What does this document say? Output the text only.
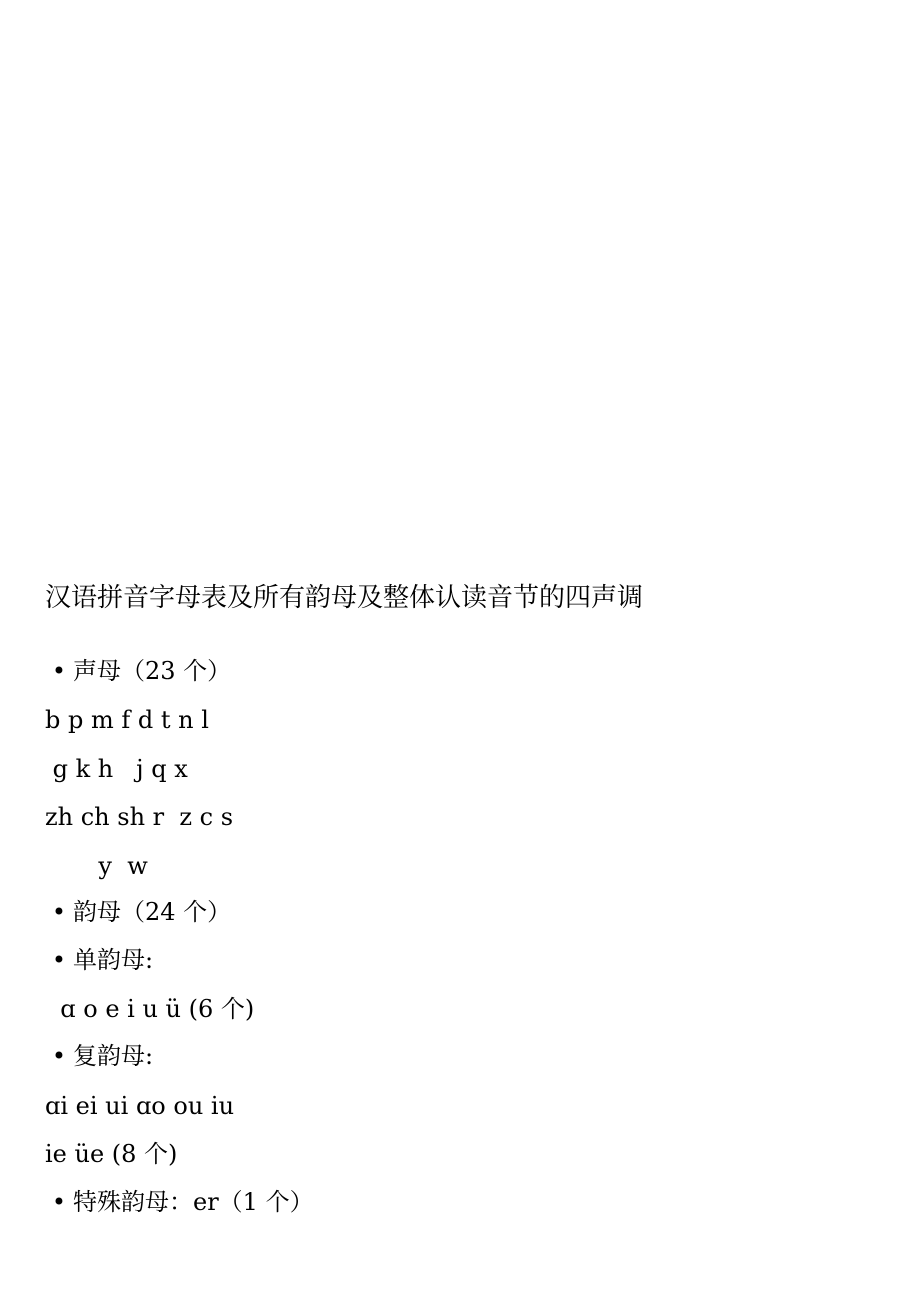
汉语拼音字母表及所有韵母及整体认读音节的四声调
• 声母（23 个）
b p m f d t n l
g k h   j q x
zh ch sh r  z c s
y  w
• 韵母（24 个）
• 单韵母:
ɑ o e i u ü (6 个)
• 复韵母:
ɑi ei ui ɑo ou iu
ie üe (8 个)
• 特殊韵母：er（1 个）
